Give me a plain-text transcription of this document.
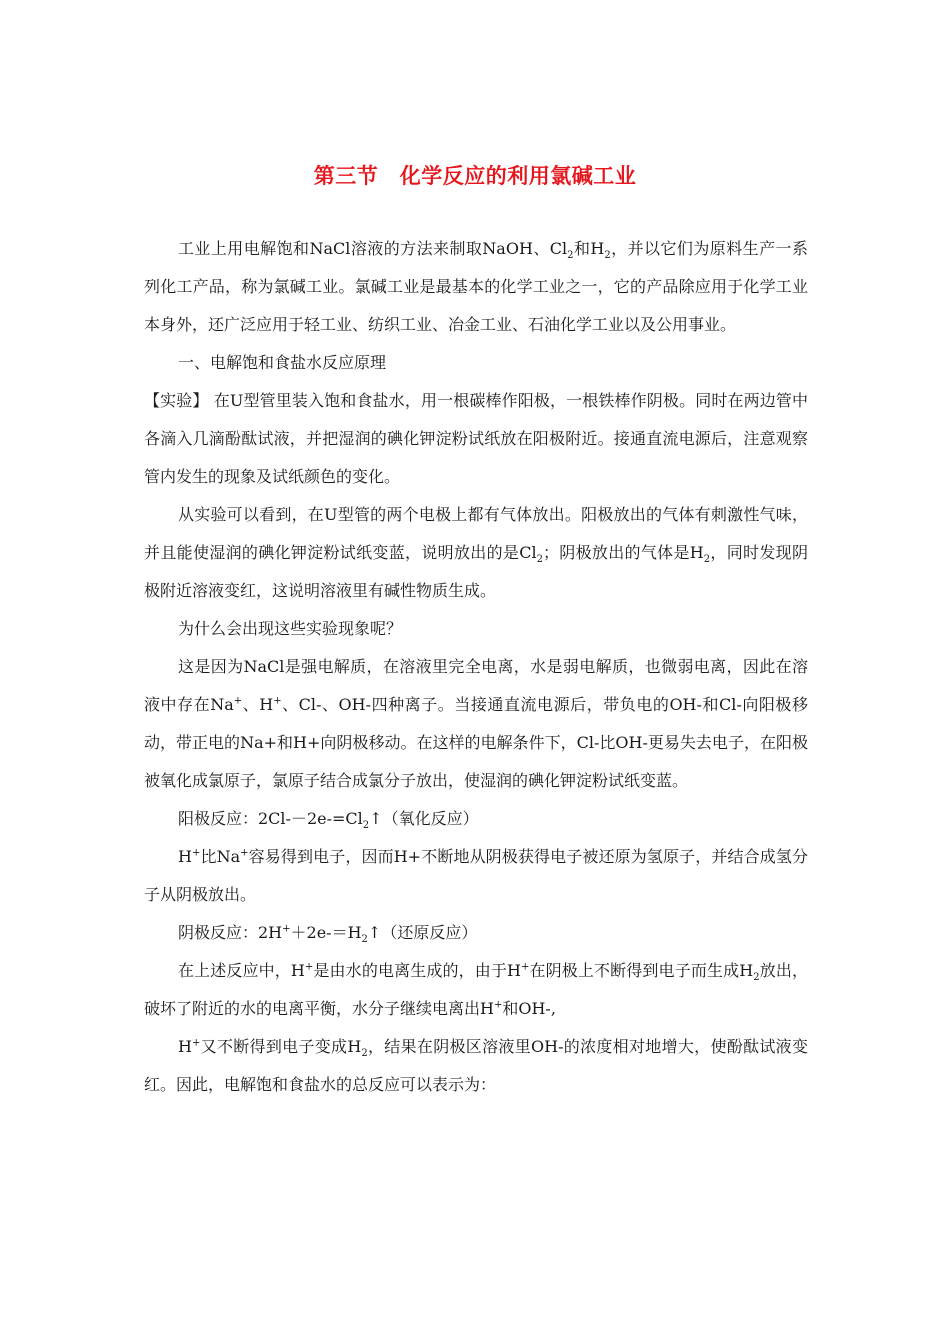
第三节　化学反应的利用氯碱工业

工业上用电解饱和NaCl溶液的方法来制取NaOH、$Cl_2$和$H_2$，并以它们为原料生产一系列化工产品，称为氯碱工业。氯碱工业是最基本的化学工业之一，它的产品除应用于化学工业本身外，还广泛应用于轻工业、纺织工业、冶金工业、石油化学工业以及公用事业。

一、电解饱和食盐水反应原理

【实验】 在U型管里装入饱和食盐水，用一根碳棒作阳极，一根铁棒作阴极。同时在两边管中各滴入几滴酚酞试液，并把湿润的碘化钾淀粉试纸放在阳极附近。接通直流电源后，注意观察管内发生的现象及试纸颜色的变化。

从实验可以看到，在U型管的两个电极上都有气体放出。阳极放出的气体有刺激性气味，并且能使湿润的碘化钾淀粉试纸变蓝，说明放出的是$Cl_2$；阴极放出的气体是$H_2$，同时发现阴极附近溶液变红，这说明溶液里有碱性物质生成。

为什么会出现这些实验现象呢？

这是因为NaCl是强电解质，在溶液里完全电离，水是弱电解质，也微弱电离，因此在溶液中存在Na+、H+、Cl-、OH-四种离子。当接通直流电源后，带负电的OH-和Cl-向阳极移动，带正电的Na+和H+向阴极移动。在这样的电解条件下，Cl-比OH-更易失去电子，在阳极被氧化成氯原子，氯原子结合成氯分子放出，使湿润的碘化钾淀粉试纸变蓝。

阳极反应：$2Cl--2e-=Cl_2↑$（氧化反应）

H+比Na+容易得到电子，因而H+不断地从阴极获得电子被还原为氢原子，并结合成氢分子从阴极放出。

阴极反应：$2H^++2e-=H_2↑$（还原反应）

在上述反应中，H+是由水的电离生成的，由于H+在阴极上不断得到电子而生成$H_2$放出，破坏了附近的水的电离平衡，水分子继续电离出H+和OH-,

H+又不断得到电子变成$H_2$，结果在阴极区溶液里OH-的浓度相对地增大，使酚酞试液变红。因此，电解饱和食盐水的总反应可以表示为：
